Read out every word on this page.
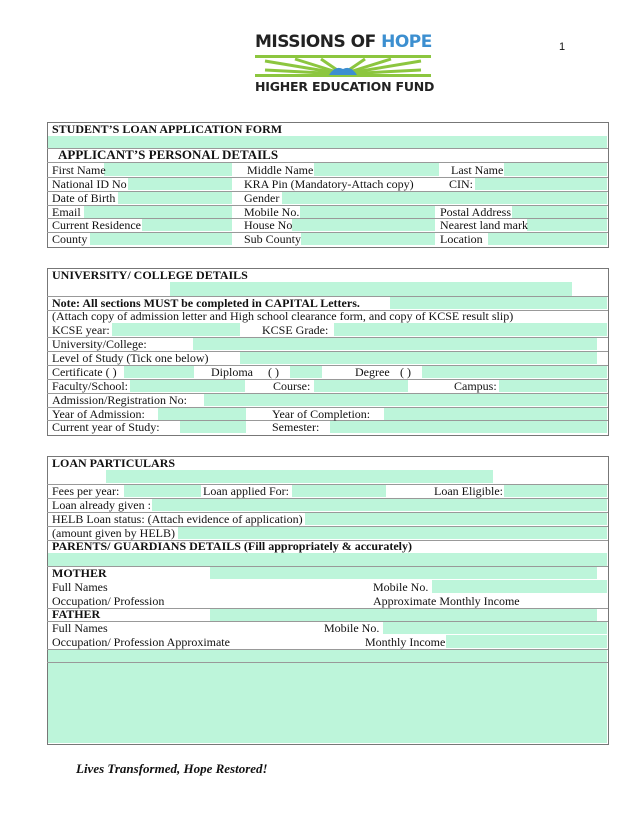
MISSIONS OF HOPE
HIGHER EDUCATION FUND
1
STUDENT’S LOAN APPLICATION FORM
APPLICANT’S PERSONAL DETAILS
First Name	Middle Name	Last Name
National ID No	KRA Pin (Mandatory-Attach copy)	CIN:
Date of Birth	Gender
Email	Mobile No.	Postal Address
Current Residence	House No	Nearest land mark
County	Sub County	Location
UNIVERSITY/ COLLEGE DETAILS
Note: All sections MUST be completed in CAPITAL Letters.
(Attach copy of admission letter and High school clearance form, and copy of KCSE result slip)
KCSE year:	KCSE Grade:
University/College:
Level of Study (Tick one below)
Certificate ( )	Diploma ( )	Degree ( )
Faculty/School:	Course:	Campus:
Admission/Registration No:
Year of Admission:	Year of Completion:
Current year of Study:	Semester:
LOAN PARTICULARS
Fees per year:	Loan applied For:	Loan Eligible:
Loan already given :
HELB Loan status: (Attach evidence of application)
(amount given by HELB)
PARENTS/ GUARDIANS DETAILS (Fill appropriately & accurately)
MOTHER
Full Names	Mobile No.
Occupation/ Profession	Approximate Monthly Income
FATHER
Full Names	Mobile No.
Occupation/ Profession Approximate	Monthly Income
Lives Transformed, Hope Restored!
